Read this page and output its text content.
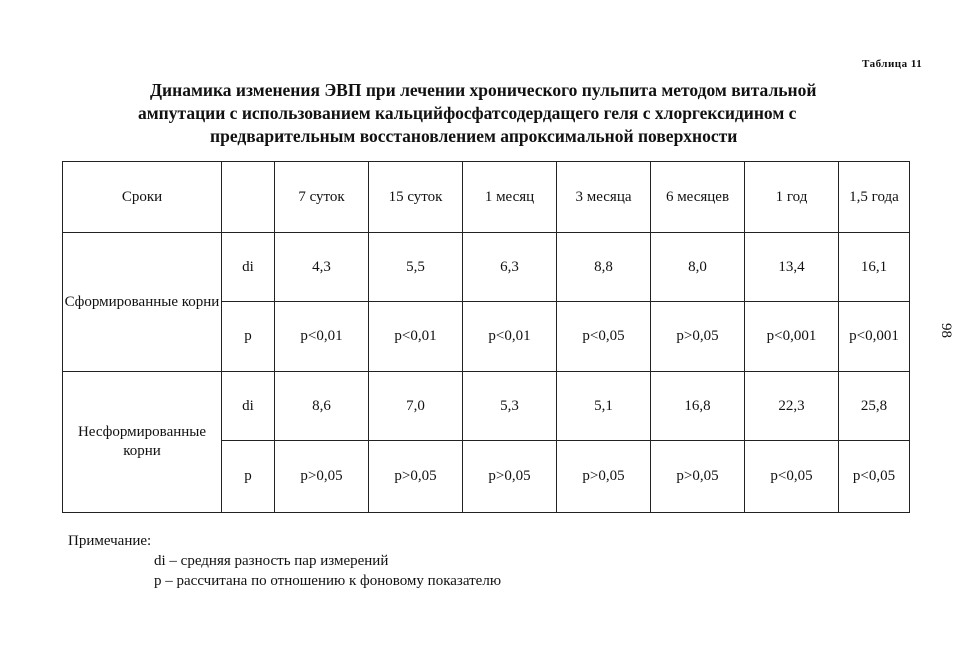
Таблица 11
Динамика изменения ЭВП при лечении хронического пульпита методом витальной
ампутации с использованием кальцийфосфатсодердащего геля с хлоргексидином с
предварительным восстановлением апроксимальной поверхности
Сроки		7 суток	15 суток	1 месяц	3 месяца	6 месяцев	1 год	1,5 года
Сформированные корни	di	4,3	5,5	6,3	8,8	8,0	13,4	16,1
	p	p<0,01	p<0,01	p<0,01	p<0,05	p>0,05	p<0,001	p<0,001
Несформированные корни	di	8,6	7,0	5,3	5,1	16,8	22,3	25,8
	p	p>0,05	p>0,05	p>0,05	p>0,05	p>0,05	p<0,05	p<0,05
98
Примечание:
di – средняя разность пар измерений
p – рассчитана по отношению к фоновому показателю
